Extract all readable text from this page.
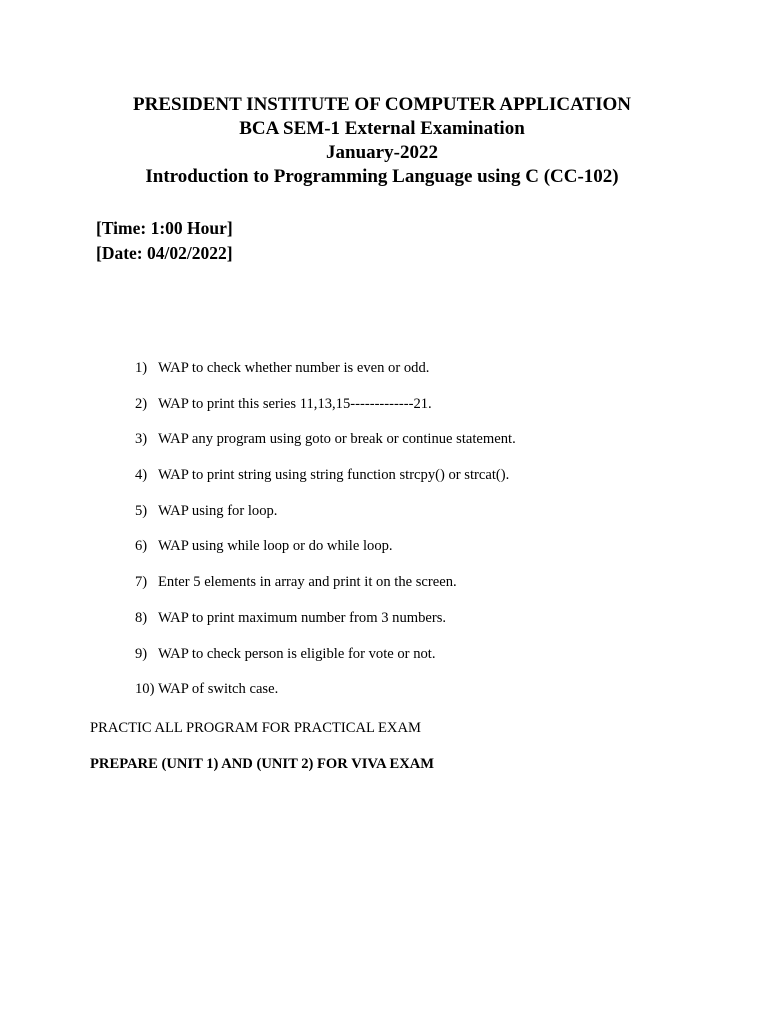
PRESIDENT INSTITUTE OF COMPUTER APPLICATION
BCA SEM-1 External Examination
January-2022
Introduction to Programming Language using C (CC-102)
[Time: 1:00 Hour]
[Date: 04/02/2022]
1) WAP to check whether number is even or odd.
2) WAP to print this series 11,13,15-------------21.
3) WAP any program using goto or break or continue statement.
4) WAP to print string using string function strcpy() or strcat().
5) WAP using for loop.
6) WAP using while loop or do while loop.
7) Enter 5 elements in array and print it on the screen.
8) WAP to print maximum number from 3 numbers.
9) WAP to check person is eligible for vote or not.
10) WAP of switch case.
PRACTIC ALL PROGRAM FOR PRACTICAL EXAM
PREPARE (UNIT 1) AND (UNIT 2) FOR VIVA EXAM
